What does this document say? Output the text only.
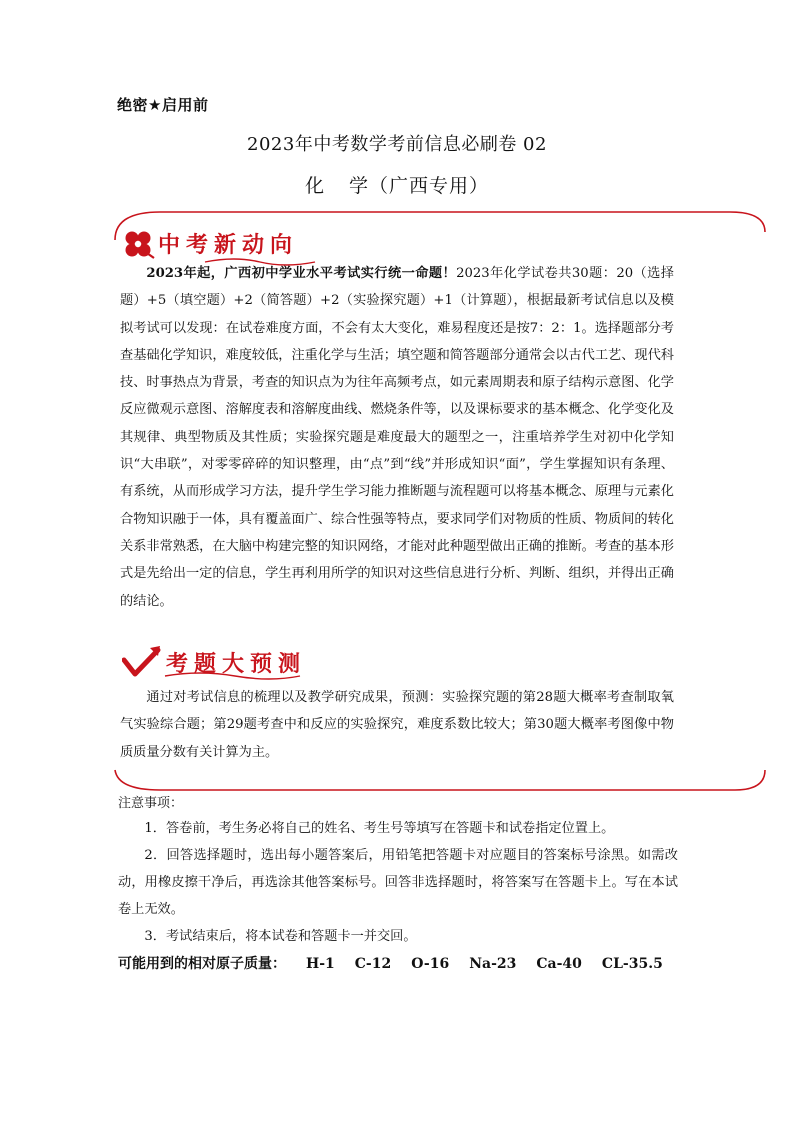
绝密★启用前
2023年中考数学考前信息必刷卷 02
化 学（广西专用）
中考新动向
2023年起，广西初中学业水平考试实行统一命题！2023年化学试卷共30题：20（选择题）+5（填空题）+2（简答题）+2（实验探究题）+1（计算题），根据最新考试信息以及模拟考试可以发现：在试卷难度方面，不会有太大变化，难易程度还是按7：2：1。选择题部分考查基础化学知识，难度较低，注重化学与生活；填空题和简答题部分通常会以古代工艺、现代科技、时事热点为背景，考查的知识点为为往年高频考点，如元素周期表和原子结构示意图、化学反应微观示意图、溶解度表和溶解度曲线、燃烧条件等，以及课标要求的基本概念、化学变化及其规律、典型物质及其性质；实验探究题是难度最大的题型之一，注重培养学生对初中化学知识“大串联”，对零零碎碎的知识整理，由“点”到“线”并形成知识“面”，学生掌握知识有条理、有系统，从而形成学习方法，提升学生学习能力推断题与流程题可以将基本概念、原理与元素化合物知识融于一体，具有覆盖面广、综合性强等特点，要求同学们对物质的性质、物质间的转化关系非常熟悉，在大脑中构建完整的知识网络，才能对此种题型做出正确的推断。考查的基本形式是先给出一定的信息，学生再利用所学的知识对这些信息进行分析、判断、组织，并得出正确的结论。
考题大预测
通过对考试信息的梳理以及教学研究成果，预测：实验探究题的第28题大概率考查制取氧气实验综合题；第29题考查中和反应的实验探究，难度系数比较大；第30题大概率考图像中物质质量分数有关计算为主。
注意事项：
1．答卷前，考生务必将自己的姓名、考生号等填写在答题卡和试卷指定位置上。
2．回答选择题时，选出每小题答案后，用铅笔把答题卡对应题目的答案标号涂黑。如需改动，用橡皮擦干净后，再选涂其他答案标号。回答非选择题时，将答案写在答题卡上。写在本试卷上无效。
3．考试结束后，将本试卷和答题卡一并交回。
可能用到的相对原子质量： H-1 C-12 O-16 Na-23 Ca-40 CL-35.5
